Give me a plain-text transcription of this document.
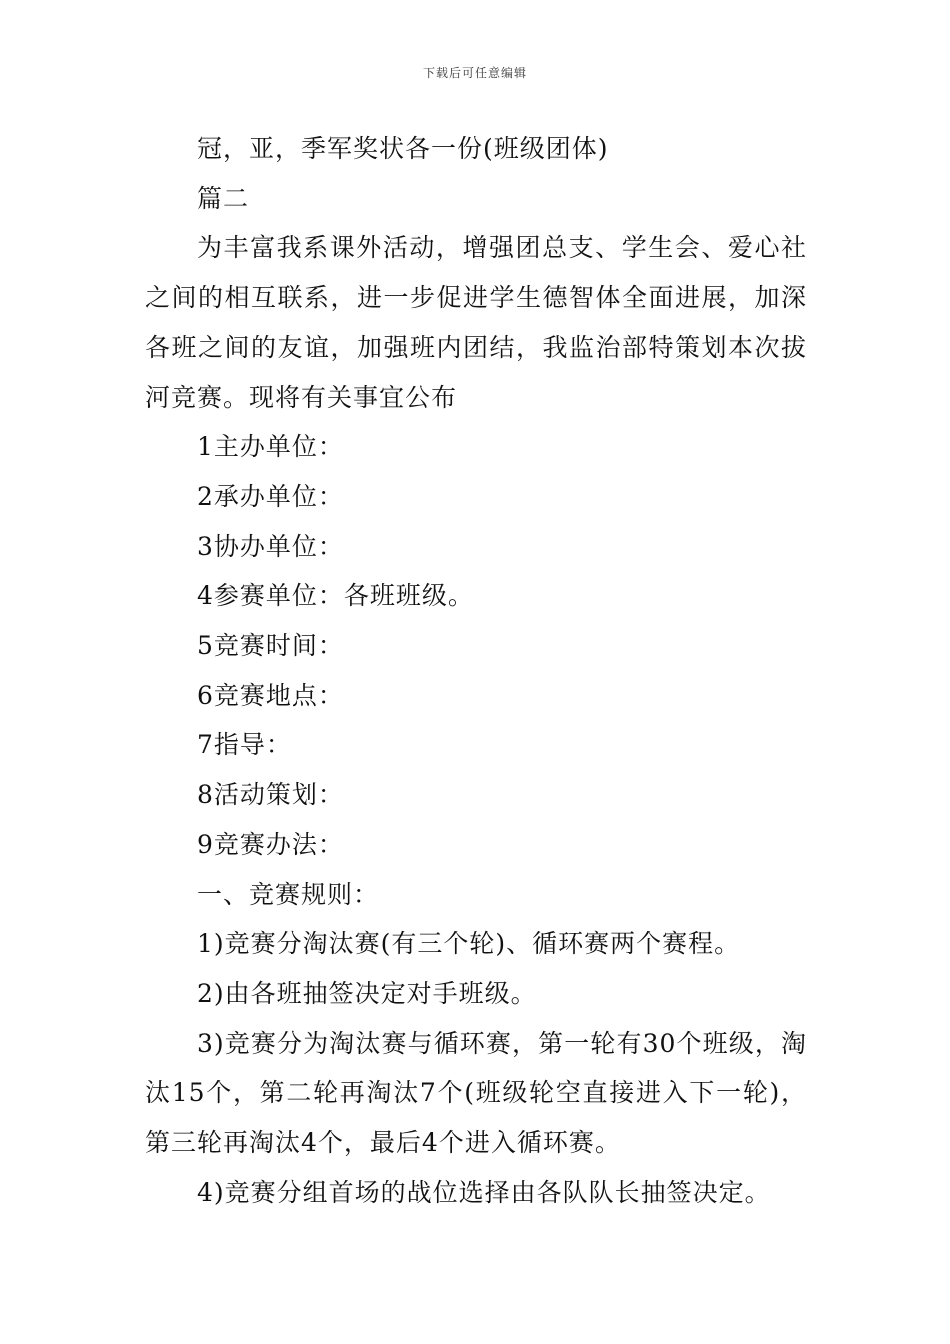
下载后可任意编辑

冠，亚，季军奖状各一份(班级团体)

篇二

为丰富我系课外活动，增强团总支、学生会、爱心社之间的相互联系，进一步促进学生德智体全面进展，加深各班之间的友谊，加强班内团结，我监治部特策划本次拔河竞赛。现将有关事宜公布

1主办单位：

2承办单位：

3协办单位：

4参赛单位：各班班级。

5竞赛时间：

6竞赛地点：

7指导：

8活动策划：

9竞赛办法：

一、竞赛规则：

1)竞赛分淘汰赛(有三个轮)、循环赛两个赛程。

2)由各班抽签决定对手班级。

3)竞赛分为淘汰赛与循环赛，第一轮有30个班级，淘汰15个，第二轮再淘汰7个(班级轮空直接进入下一轮)，第三轮再淘汰4个，最后4个进入循环赛。

4)竞赛分组首场的战位选择由各队队长抽签决定。
